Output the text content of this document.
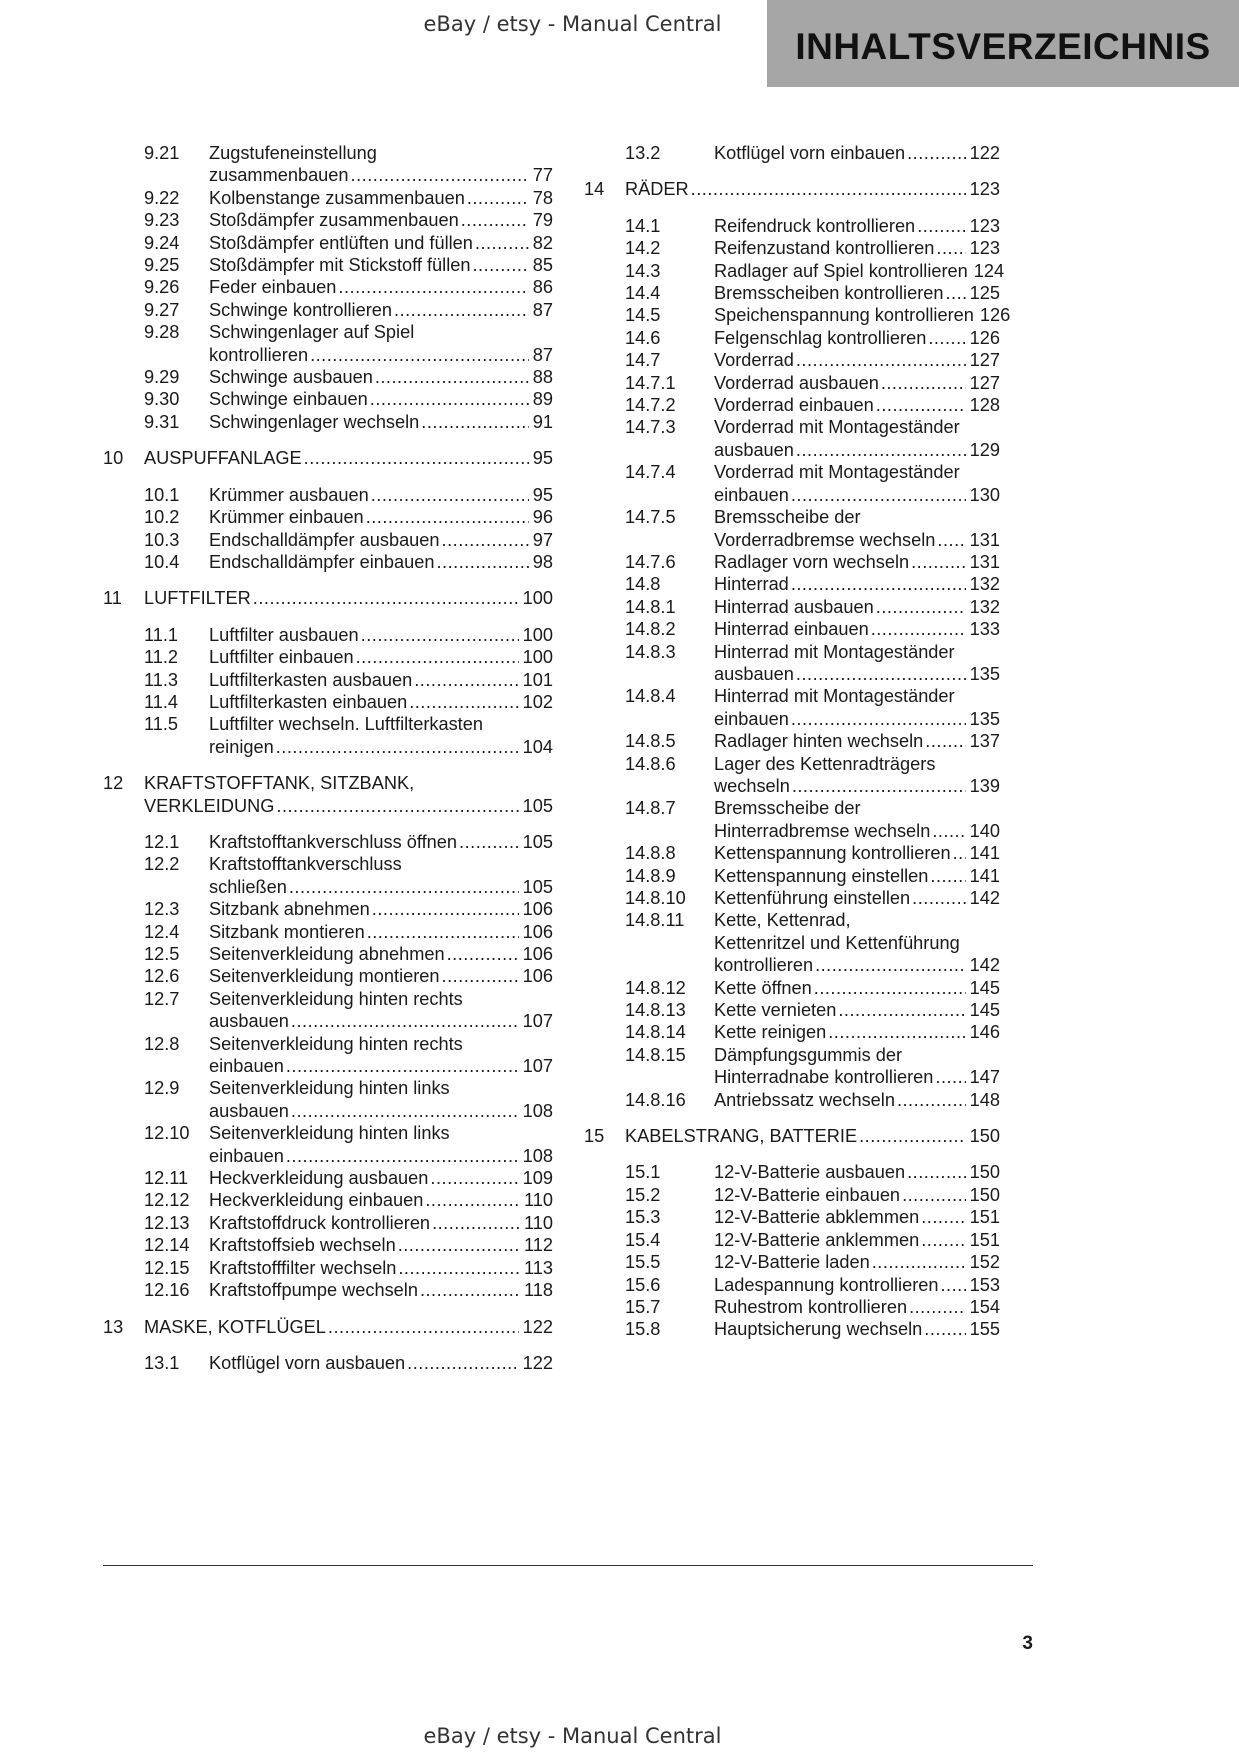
eBay / etsy - Manual Central
INHALTSVERZEICHNIS
9.21	Zugstufeneinstellung
zusammenbauen .....	77
9.22	Kolbenstange zusammenbauen .....	78
9.23	Stoßdämpfer zusammenbauen .....	79
9.24	Stoßdämpfer entlüften und füllen .....	82
9.25	Stoßdämpfer mit Stickstoff füllen .....	85
9.26	Feder einbauen .....	86
9.27	Schwinge kontrollieren .....	87
9.28	Schwingenlager auf Spiel
kontrollieren .....	87
9.29	Schwinge ausbauen .....	88
9.30	Schwinge einbauen .....	89
9.31	Schwingenlager wechseln .....	91
10	AUSPUFFANLAGE .....	95
10.1	Krümmer ausbauen .....	95
10.2	Krümmer einbauen .....	96
10.3	Endschalldämpfer ausbauen .....	97
10.4	Endschalldämpfer einbauen .....	98
11	LUFTFILTER .....	100
11.1	Luftfilter ausbauen .....	100
11.2	Luftfilter einbauen .....	100
11.3	Luftfilterkasten ausbauen .....	101
11.4	Luftfilterkasten einbauen .....	102
11.5	Luftfilter wechseln. Luftfilterkasten
reinigen .....	104
12	KRAFTSTOFFTANK, SITZBANK,
VERKLEIDUNG .....	105
12.1	Kraftstofftankverschluss öffnen .....	105
12.2	Kraftstofftankverschluss
schließen .....	105
12.3	Sitzbank abnehmen .....	106
12.4	Sitzbank montieren .....	106
12.5	Seitenverkleidung abnehmen .....	106
12.6	Seitenverkleidung montieren .....	106
12.7	Seitenverkleidung hinten rechts
ausbauen .....	107
12.8	Seitenverkleidung hinten rechts
einbauen .....	107
12.9	Seitenverkleidung hinten links
ausbauen .....	108
12.10	Seitenverkleidung hinten links
einbauen .....	108
12.11	Heckverkleidung ausbauen .....	109
12.12	Heckverkleidung einbauen .....	110
12.13	Kraftstoffdruck kontrollieren .....	110
12.14	Kraftstoffsieb wechseln .....	112
12.15	Kraftstofffilter wechseln .....	113
12.16	Kraftstoffpumpe wechseln .....	118
13	MASKE, KOTFLÜGEL .....	122
13.1	Kotflügel vorn ausbauen .....	122
13.2	Kotflügel vorn einbauen .....	122
14	RÄDER .....	123
14.1	Reifendruck kontrollieren .....	123
14.2	Reifenzustand kontrollieren ..... 123
14.3	Radlager auf Spiel kontrollieren 124
14.4	Bremsscheiben kontrollieren ..... 125
14.5	Speichenspannung kontrollieren 126
14.6	Felgenschlag kontrollieren ..... 126
14.7	Vorderrad .....	127
14.7.1	Vorderrad ausbauen .....	127
14.7.2	Vorderrad einbauen .....	128
14.7.3	Vorderrad mit Montageständer
ausbauen .....	129
14.7.4	Vorderrad mit Montageständer
einbauen .....	130
14.7.5	Bremsscheibe der
Vorderradbremse wechseln ..... 131
14.7.6	Radlager vorn wechseln .....	131
14.8	Hinterrad .....	132
14.8.1	Hinterrad ausbauen .....	132
14.8.2	Hinterrad einbauen .....	133
14.8.3	Hinterrad mit Montageständer
ausbauen .....	135
14.8.4	Hinterrad mit Montageständer
einbauen .....	135
14.8.5	Radlager hinten wechseln .....	137
14.8.6	Lager des Kettenradträgers
wechseln .....	139
14.8.7	Bremsscheibe der
Hinterradbremse wechseln ..... 140
14.8.8	Kettenspannung kontrollieren ..... 141
14.8.9	Kettenspannung einstellen ..... 141
14.8.10	Kettenführung einstellen .....	142
14.8.11	Kette, Kettenrad,
Kettenritzel und Kettenführung
kontrollieren .....	142
14.8.12	Kette öffnen .....	145
14.8.13	Kette vernieten .....	145
14.8.14	Kette reinigen .....	146
14.8.15	Dämpfungsgummis der
Hinterradnabe kontrollieren ..... 147
14.8.16	Antriebssatz wechseln .....	148
15	KABELSTRANG, BATTERIE .....	150
15.1	12-V-Batterie ausbauen .....	150
15.2	12-V-Batterie einbauen .....	150
15.3	12-V-Batterie abklemmen .....	151
15.4	12-V-Batterie anklemmen .....	151
15.5	12-V-Batterie laden .....	152
15.6	Ladespannung kontrollieren ..... 153
15.7	Ruhestrom kontrollieren .....	154
15.8	Hauptsicherung wechseln .....	155
3
eBay / etsy - Manual Central
